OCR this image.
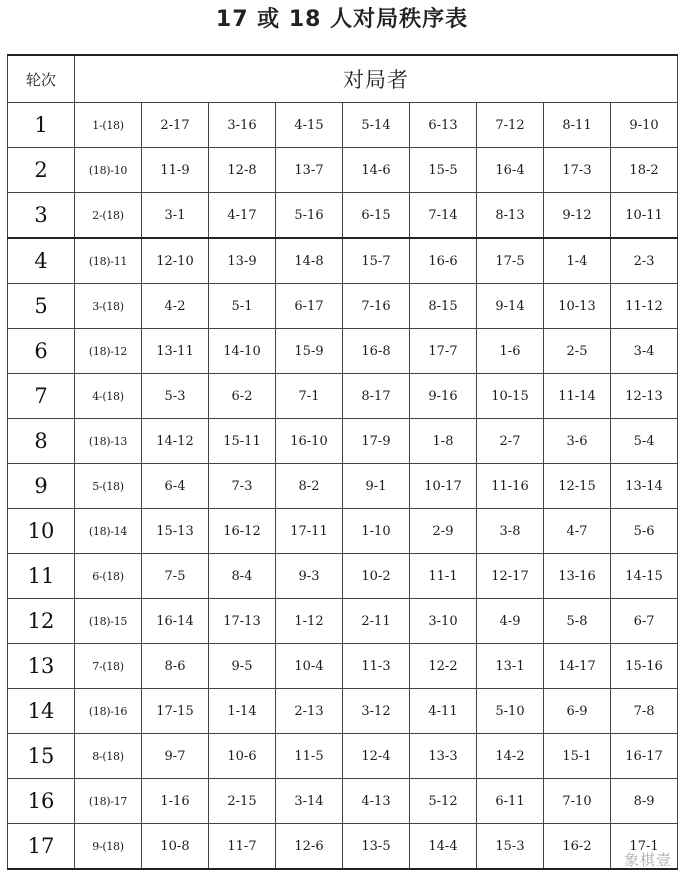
17 或 18 人对局秩序表
轮次	对局者								
1	1-(18)	2-17	3-16	4-15	5-14	6-13	7-12	8-11	9-10
2	(18)-10	11-9	12-8	13-7	14-6	15-5	16-4	17-3	18-2
3	2-(18)	3-1	4-17	5-16	6-15	7-14	8-13	9-12	10-11
4	(18)-11	12-10	13-9	14-8	15-7	16-6	17-5	1-4	2-3
5	3-(18)	4-2	5-1	6-17	7-16	8-15	9-14	10-13	11-12
6	(18)-12	13-11	14-10	15-9	16-8	17-7	1-6	2-5	3-4
7	4-(18)	5-3	6-2	7-1	8-17	9-16	10-15	11-14	12-13
8	(18)-13	14-12	15-11	16-10	17-9	1-8	2-7	3-6	5-4
9	5-(18)	6-4	7-3	8-2	9-1	10-17	11-16	12-15	13-14
10	(18)-14	15-13	16-12	17-11	1-10	2-9	3-8	4-7	5-6
11	6-(18)	7-5	8-4	9-3	10-2	11-1	12-17	13-16	14-15
12	(18)-15	16-14	17-13	1-12	2-11	3-10	4-9	5-8	6-7
13	7-(18)	8-6	9-5	10-4	11-3	12-2	13-1	14-17	15-16
14	(18)-16	17-15	1-14	2-13	3-12	4-11	5-10	6-9	7-8
15	8-(18)	9-7	10-6	11-5	12-4	13-3	14-2	15-1	16-17
16	(18)-17	1-16	2-15	3-14	4-13	5-12	6-11	7-10	8-9
17	9-(18)	10-8	11-7	12-6	13-5	14-4	15-3	16-2	17-1
象棋壹
